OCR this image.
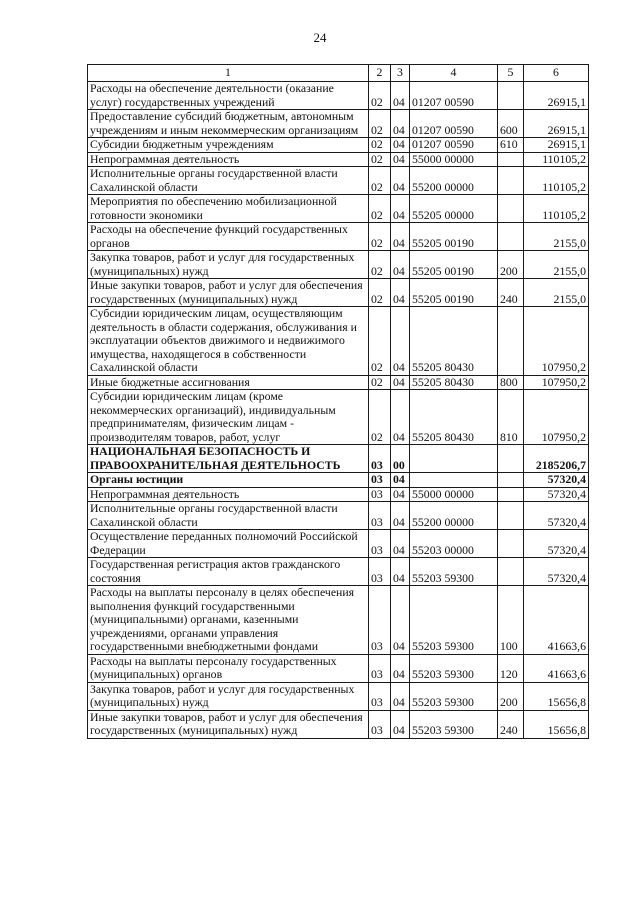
24
1	2	3	4	5	6
Расходы на обеспечение деятельности (оказание услуг) государственных учреждений	02	04	01207 00590		26915,1
Предоставление субсидий бюджетным, автономным учреждениям и иным некоммерческим организациям	02	04	01207 00590	600	26915,1
Субсидии бюджетным учреждениям	02	04	01207 00590	610	26915,1
Непрограммная деятельность	02	04	55000 00000		110105,2
Исполнительные органы государственной власти Сахалинской области	02	04	55200 00000		110105,2
Мероприятия по обеспечению мобилизационной готовности экономики	02	04	55205 00000		110105,2
Расходы на обеспечение функций государственных органов	02	04	55205 00190		2155,0
Закупка товаров, работ и услуг для государственных (муниципальных) нужд	02	04	55205 00190	200	2155,0
Иные закупки товаров, работ и услуг для обеспечения государственных (муниципальных) нужд	02	04	55205 00190	240	2155,0
Субсидии юридическим лицам, осуществляющим деятельность в области содержания, обслуживания и эксплуатации объектов движимого и недвижимого имущества, находящегося в собственности Сахалинской области	02	04	55205 80430		107950,2
Иные бюджетные ассигнования	02	04	55205 80430	800	107950,2
Субсидии юридическим лицам (кроме некоммерческих организаций), индивидуальным предпринимателям, физическим лицам - производителям товаров, работ, услуг	02	04	55205 80430	810	107950,2
НАЦИОНАЛЬНАЯ БЕЗОПАСНОСТЬ И ПРАВООХРАНИТЕЛЬНАЯ ДЕЯТЕЛЬНОСТЬ	03	00			2185206,7
Органы юстиции	03	04			57320,4
Непрограммная деятельность	03	04	55000 00000		57320,4
Исполнительные органы государственной власти Сахалинской области	03	04	55200 00000		57320,4
Осуществление переданных полномочий Российской Федерации	03	04	55203 00000		57320,4
Государственная регистрация актов гражданского состояния	03	04	55203 59300		57320,4
Расходы на выплаты персоналу в целях обеспечения выполнения функций государственными (муниципальными) органами, казенными учреждениями, органами управления государственными внебюджетными фондами	03	04	55203 59300	100	41663,6
Расходы на выплаты персоналу государственных (муниципальных) органов	03	04	55203 59300	120	41663,6
Закупка товаров, работ и услуг для государственных (муниципальных) нужд	03	04	55203 59300	200	15656,8
Иные закупки товаров, работ и услуг для обеспечения государственных (муниципальных) нужд	03	04	55203 59300	240	15656,8
